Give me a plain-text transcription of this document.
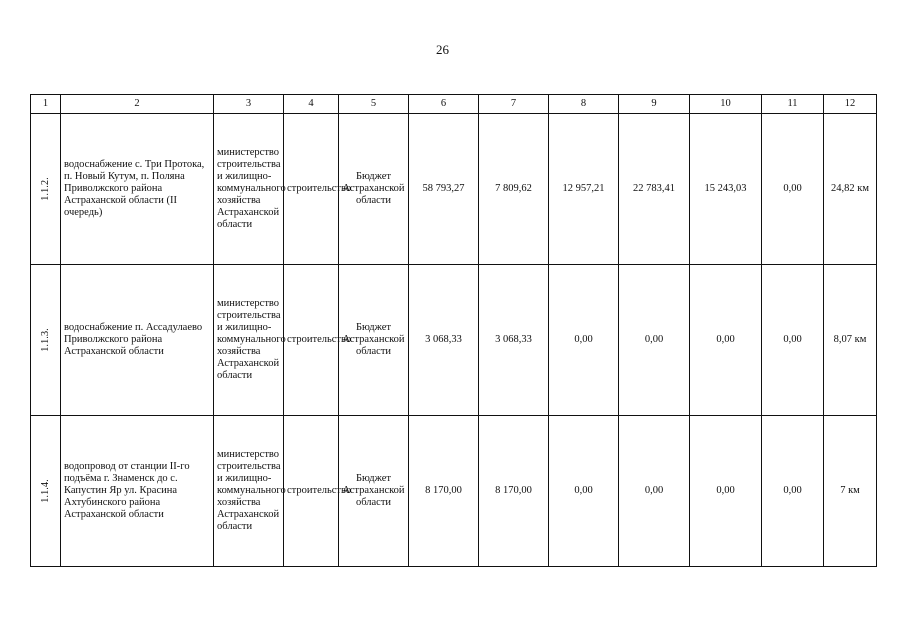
26
1	2	3	4	5	6	7	8	9	10	11	12

1.1.2.	водоснабжение с. Три Протока, п. Новый Кутум, п. Поляна Приволжского района Астраханской области (II очередь)	министерство строительства и жилищно-коммунального хозяйства Астраханской области	строительство	Бюджет Астраханской области	58 793,27	7 809,62	12 957,21	22 783,41	15 243,03	0,00	24,82 км

1.1.3.	водоснабжение п. Ассадулаево Приволжского района Астраханской области	министерство строительства и жилищно-коммунального хозяйства Астраханской области	строительство	Бюджет Астраханской области	3 068,33	3 068,33	0,00	0,00	0,00	0,00	8,07 км

1.1.4.	водопровод от станции II-го подъёма г. Знаменск до с. Капустин Яр ул. Красина Ахтубинского района Астраханской области	министерство строительства и жилищно-коммунального хозяйства Астраханской области	строительство	Бюджет Астраханской области	8 170,00	8 170,00	0,00	0,00	0,00	0,00	7 км
